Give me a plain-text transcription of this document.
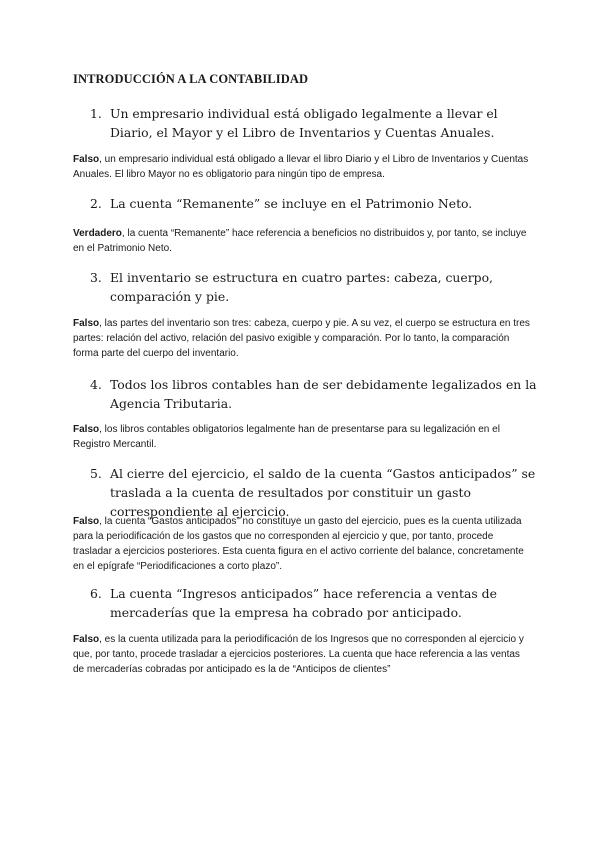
INTRODUCCIÓN A LA CONTABILIDAD
1. Un empresario individual está obligado legalmente a llevar el Diario, el Mayor y el Libro de Inventarios y Cuentas Anuales.

Falso, un empresario individual está obligado a llevar el libro Diario y el Libro de Inventarios y Cuentas Anuales. El libro Mayor no es obligatorio para ningún tipo de empresa.

2. La cuenta “Remanente” se incluye en el Patrimonio Neto.

Verdadero, la cuenta “Remanente” hace referencia a beneficios no distribuidos y, por tanto, se incluye en el Patrimonio Neto.

3. El inventario se estructura en cuatro partes: cabeza, cuerpo, comparación y pie.

Falso, las partes del inventario son tres: cabeza, cuerpo y pie. A su vez, el cuerpo se estructura en tres partes: relación del activo, relación del pasivo exigible y comparación. Por lo tanto, la comparación forma parte del cuerpo del inventario.

4. Todos los libros contables han de ser debidamente legalizados en la Agencia Tributaria.

Falso, los libros contables obligatorios legalmente han de presentarse para su legalización en el Registro Mercantil.

5. Al cierre del ejercicio, el saldo de la cuenta “Gastos anticipados” se traslada a la cuenta de resultados por constituir un gasto correspondiente al ejercicio.

Falso, la cuenta “Gastos anticipados” no constituye un gasto del ejercicio, pues es la cuenta utilizada para la periodificación de los gastos que no corresponden al ejercicio y que, por tanto, procede trasladar a ejercicios posteriores. Esta cuenta figura en el activo corriente del balance, concretamente en el epígrafe “Periodificaciones a corto plazo”.

6. La cuenta “Ingresos anticipados” hace referencia a ventas de mercaderías que la empresa ha cobrado por anticipado.

Falso, es la cuenta utilizada para la periodificación de los Ingresos que no corresponden al ejercicio y que, por tanto, procede trasladar a ejercicios posteriores. La cuenta que hace referencia a las ventas de mercaderías cobradas por anticipado es la de “Anticipos de clientes”
